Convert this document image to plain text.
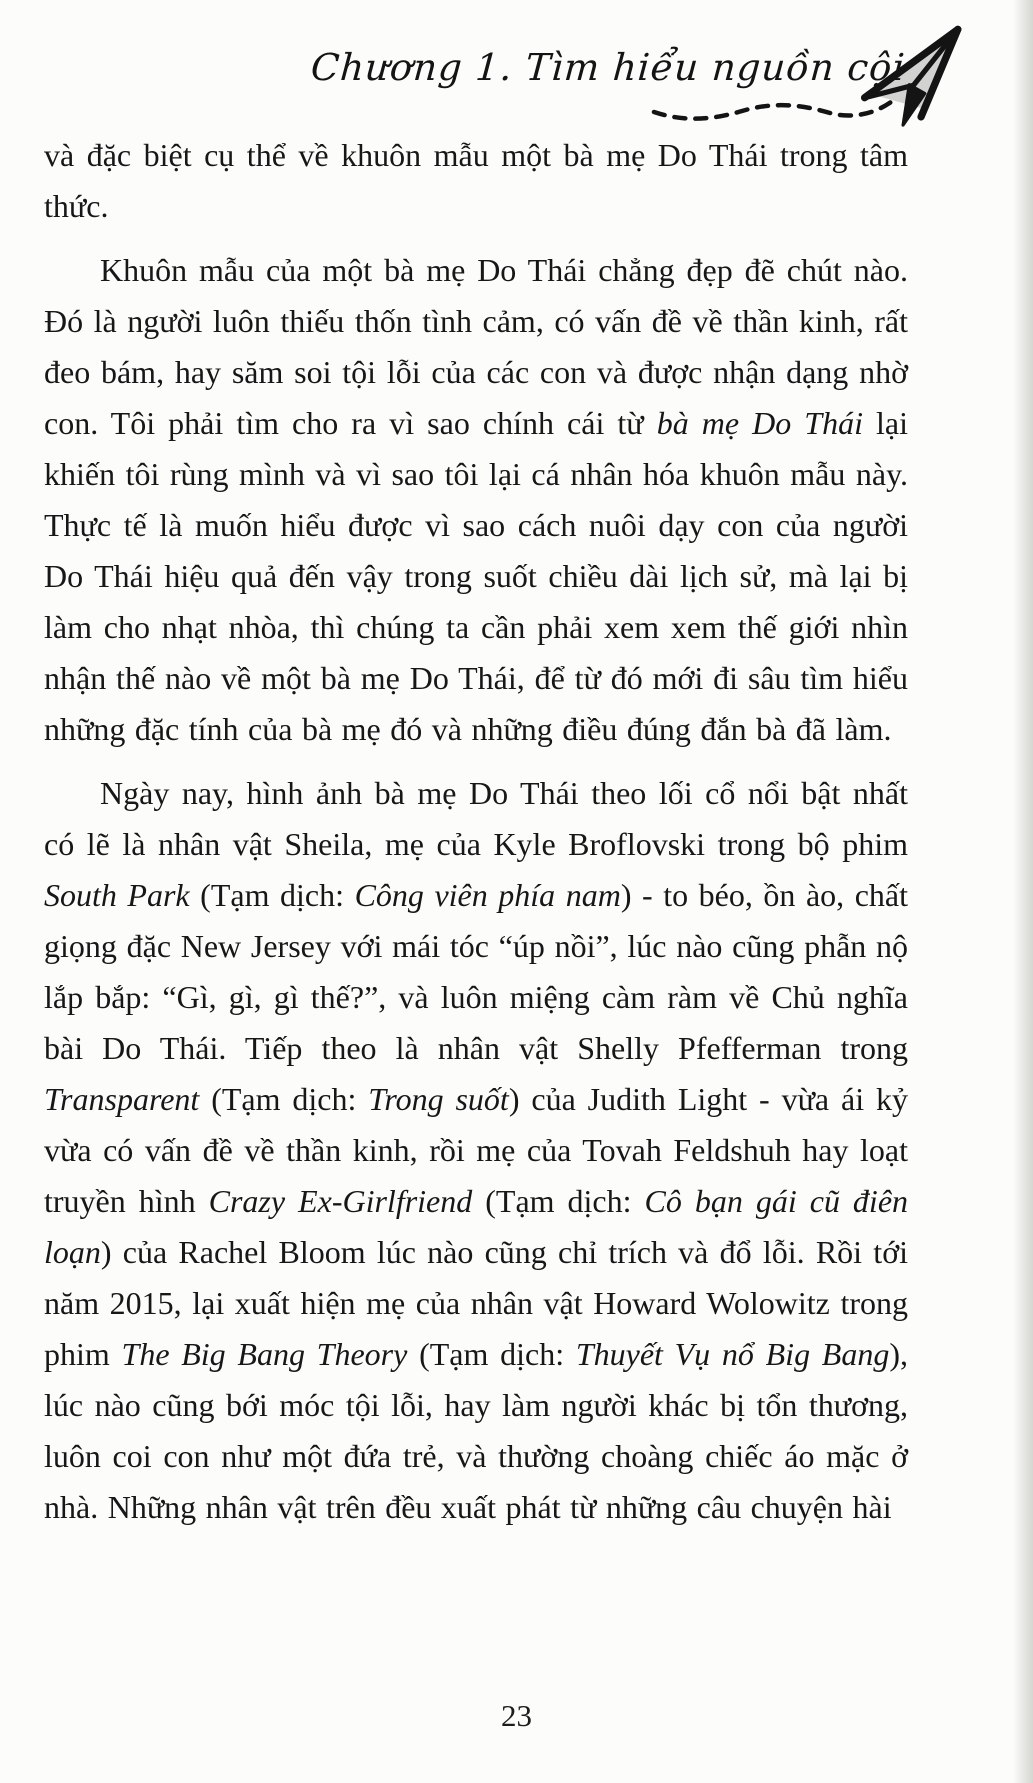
Chương 1. Tìm hiểu nguồn cội

và đặc biệt cụ thể về khuôn mẫu một bà mẹ Do Thái trong tâm thức.

Khuôn mẫu của một bà mẹ Do Thái chẳng đẹp đẽ chút nào. Đó là người luôn thiếu thốn tình cảm, có vấn đề về thần kinh, rất đeo bám, hay săm soi tội lỗi của các con và được nhận dạng nhờ con. Tôi phải tìm cho ra vì sao chính cái từ bà mẹ Do Thái lại khiến tôi rùng mình và vì sao tôi lại cá nhân hóa khuôn mẫu này. Thực tế là muốn hiểu được vì sao cách nuôi dạy con của người Do Thái hiệu quả đến vậy trong suốt chiều dài lịch sử, mà lại bị làm cho nhạt nhòa, thì chúng ta cần phải xem xem thế giới nhìn nhận thế nào về một bà mẹ Do Thái, để từ đó mới đi sâu tìm hiểu những đặc tính của bà mẹ đó và những điều đúng đắn bà đã làm.

Ngày nay, hình ảnh bà mẹ Do Thái theo lối cổ nổi bật nhất có lẽ là nhân vật Sheila, mẹ của Kyle Broflovski trong bộ phim South Park (Tạm dịch: Công viên phía nam) - to béo, ồn ào, chất giọng đặc New Jersey với mái tóc “úp nồi”, lúc nào cũng phẫn nộ lắp bắp: “Gì, gì, gì thế?”, và luôn miệng càm ràm về Chủ nghĩa bài Do Thái. Tiếp theo là nhân vật Shelly Pfefferman trong Transparent (Tạm dịch: Trong suốt) của Judith Light - vừa ái kỷ vừa có vấn đề về thần kinh, rồi mẹ của Tovah Feldshuh hay loạt truyền hình Crazy Ex-Girlfriend (Tạm dịch: Cô bạn gái cũ điên loạn) của Rachel Bloom lúc nào cũng chỉ trích và đổ lỗi. Rồi tới năm 2015, lại xuất hiện mẹ của nhân vật Howard Wolowitz trong phim The Big Bang Theory (Tạm dịch: Thuyết Vụ nổ Big Bang), lúc nào cũng bới móc tội lỗi, hay làm người khác bị tổn thương, luôn coi con như một đứa trẻ, và thường choàng chiếc áo mặc ở nhà. Những nhân vật trên đều xuất phát từ những câu chuyện hài

23
